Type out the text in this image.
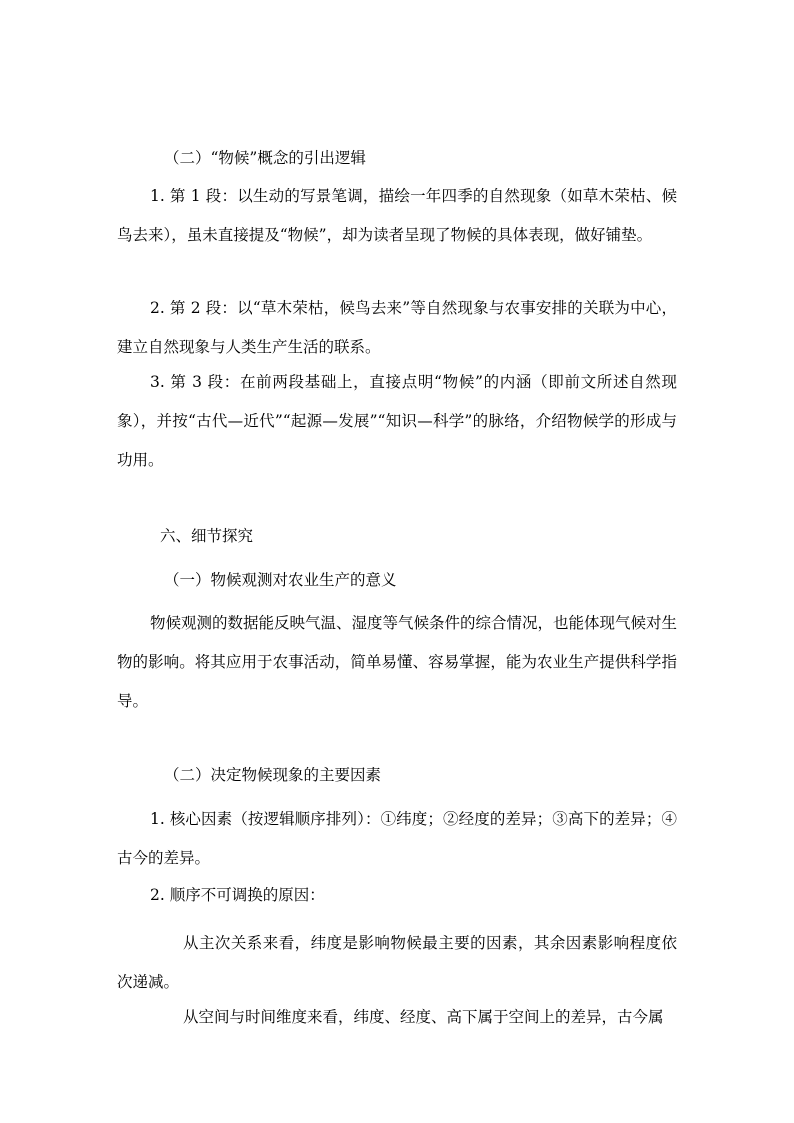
（二）“物候”概念的引出逻辑
1. 第 1 段：以生动的写景笔调，描绘一年四季的自然现象（如草木荣枯、候鸟去来），虽未直接提及“物候”，却为读者呈现了物候的具体表现，做好铺垫。
2. 第 2 段：以“草木荣枯，候鸟去来”等自然现象与农事安排的关联为中心，建立自然现象与人类生产生活的联系。
3. 第 3 段：在前两段基础上，直接点明“物候”的内涵（即前文所述自然现象），并按“古代—近代”“起源—发展”“知识—科学”的脉络，介绍物候学的形成与功用。
六、细节探究
（一）物候观测对农业生产的意义
物候观测的数据能反映气温、湿度等气候条件的综合情况，也能体现气候对生物的影响。将其应用于农事活动，简单易懂、容易掌握，能为农业生产提供科学指导。
（二）决定物候现象的主要因素
1. 核心因素（按逻辑顺序排列）：①纬度；②经度的差异；③高下的差异；④古今的差异。
2. 顺序不可调换的原因：
从主次关系来看，纬度是影响物候最主要的因素，其余因素影响程度依次递减。
从空间与时间维度来看，纬度、经度、高下属于空间上的差异，古今属
